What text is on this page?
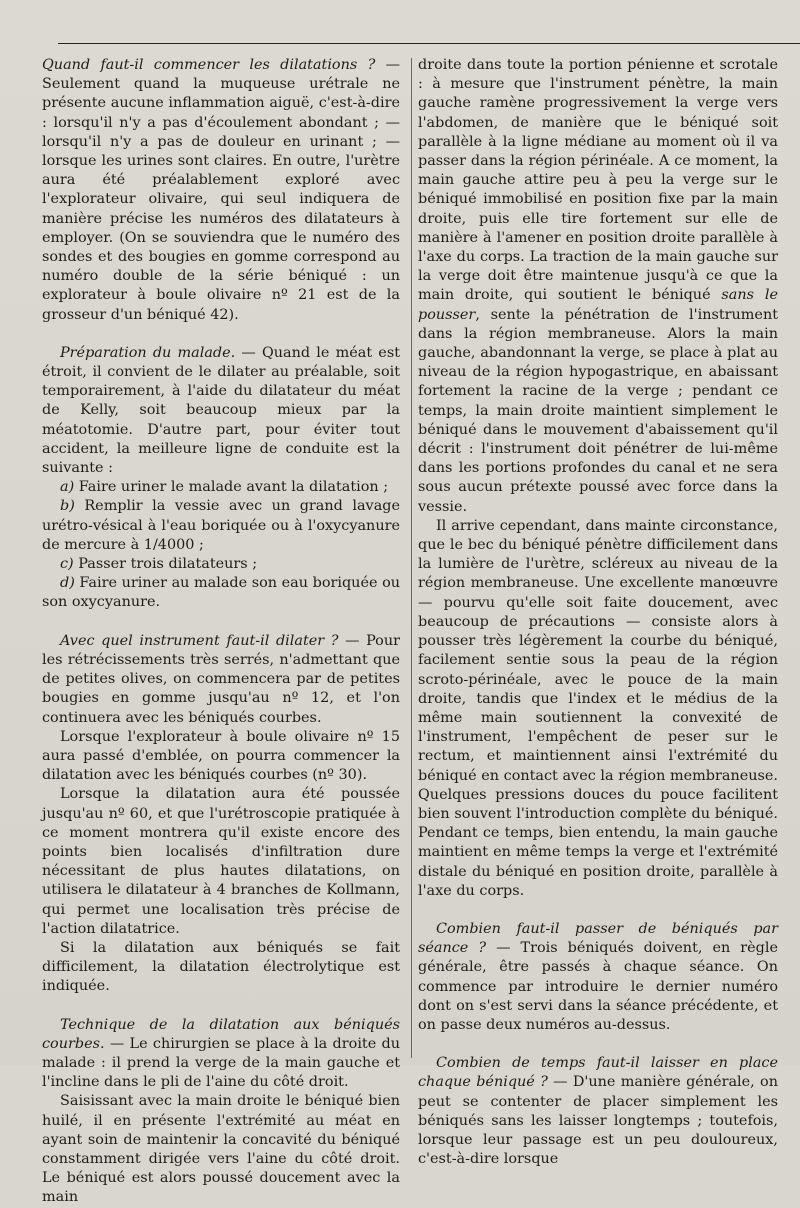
Quand faut-il commencer les dilatations ? — Seulement quand la muqueuse urétrale ne présente aucune inflammation aiguë, c'est-à-dire : lorsqu'il n'y a pas d'écoulement abondant ; — lorsqu'il n'y a pas de douleur en urinant ; — lorsque les urines sont claires. En outre, l'urètre aura été préalablement exploré avec l'explorateur olivaire, qui seul indiquera de manière précise les numéros des dilatateurs à employer. (On se souviendra que le numéro des sondes et des bougies en gomme correspond au numéro double de la série béniqué : un explorateur à boule olivaire nº 21 est de la grosseur d'un béniqué 42).

Préparation du malade. — Quand le méat est étroit, il convient de le dilater au préalable, soit temporairement, à l'aide du dilatateur du méat de Kelly, soit beaucoup mieux par la méatotomie. D'autre part, pour éviter tout accident, la meilleure ligne de conduite est la suivante :

a) Faire uriner le malade avant la dilatation ;

b) Remplir la vessie avec un grand lavage urétro-vésical à l'eau boriquée ou à l'oxycyanure de mercure à 1/4000 ;

c) Passer trois dilatateurs ;

d) Faire uriner au malade son eau boriquée ou son oxycyanure.

Avec quel instrument faut-il dilater ? — Pour les rétrécissements très serrés, n'admettant que de petites olives, on commencera par de petites bougies en gomme jusqu'au nº 12, et l'on continuera avec les béniqués courbes.

Lorsque l'explorateur à boule olivaire nº 15 aura passé d'emblée, on pourra commencer la dilatation avec les béniqués courbes (nº 30).

Lorsque la dilatation aura été poussée jusqu'au nº 60, et que l'urétroscopie pratiquée à ce moment montrera qu'il existe encore des points bien localisés d'infiltration dure nécessitant de plus hautes dilatations, on utilisera le dilatateur à 4 branches de Kollmann, qui permet une localisation très précise de l'action dilatatrice.

Si la dilatation aux béniqués se fait difficilement, la dilatation électrolytique est indiquée.

Technique de la dilatation aux béniqués courbes. — Le chirurgien se place à la droite du malade : il prend la verge de la main gauche et l'incline dans le pli de l'aine du côté droit.

Saisissant avec la main droite le béniqué bien huilé, il en présente l'extrémité au méat en ayant soin de maintenir la concavité du béniqué constamment dirigée vers l'aine du côté droit. Le béniqué est alors poussé doucement avec la main

droite dans toute la portion pénienne et scrotale : à mesure que l'instrument pénètre, la main gauche ramène progressivement la verge vers l'abdomen, de manière que le béniqué soit parallèle à la ligne médiane au moment où il va passer dans la région périnéale. A ce moment, la main gauche attire peu à peu la verge sur le béniqué immobilisé en position fixe par la main droite, puis elle tire fortement sur elle de manière à l'amener en position droite parallèle à l'axe du corps. La traction de la main gauche sur la verge doit être maintenue jusqu'à ce que la main droite, qui soutient le béniqué sans le pousser, sente la pénétration de l'instrument dans la région membraneuse. Alors la main gauche, abandonnant la verge, se place à plat au niveau de la région hypogastrique, en abaissant fortement la racine de la verge ; pendant ce temps, la main droite maintient simplement le béniqué dans le mouvement d'abaissement qu'il décrit : l'instrument doit pénétrer de lui-même dans les portions profondes du canal et ne sera sous aucun prétexte poussé avec force dans la vessie.

Il arrive cependant, dans mainte circonstance, que le bec du béniqué pénètre difficilement dans la lumière de l'urètre, scléreux au niveau de la région membraneuse. Une excellente manœuvre — pourvu qu'elle soit faite doucement, avec beaucoup de précautions — consiste alors à pousser très légèrement la courbe du béniqué, facilement sentie sous la peau de la région scroto-périnéale, avec le pouce de la main droite, tandis que l'index et le médius de la même main soutiennent la convexité de l'instrument, l'empêchent de peser sur le rectum, et maintiennent ainsi l'extrémité du béniqué en contact avec la région membraneuse. Quelques pressions douces du pouce facilitent bien souvent l'introduction complète du béniqué. Pendant ce temps, bien entendu, la main gauche maintient en même temps la verge et l'extrémité distale du béniqué en position droite, parallèle à l'axe du corps.

Combien faut-il passer de béniqués par séance ? — Trois béniqués doivent, en règle générale, être passés à chaque séance. On commence par introduire le dernier numéro dont on s'est servi dans la séance précédente, et on passe deux numéros au-dessus.

Combien de temps faut-il laisser en place chaque béniqué ? — D'une manière générale, on peut se contenter de placer simplement les béniqués sans les laisser longtemps ; toutefois, lorsque leur passage est un peu douloureux, c'est-à-dire lorsque
